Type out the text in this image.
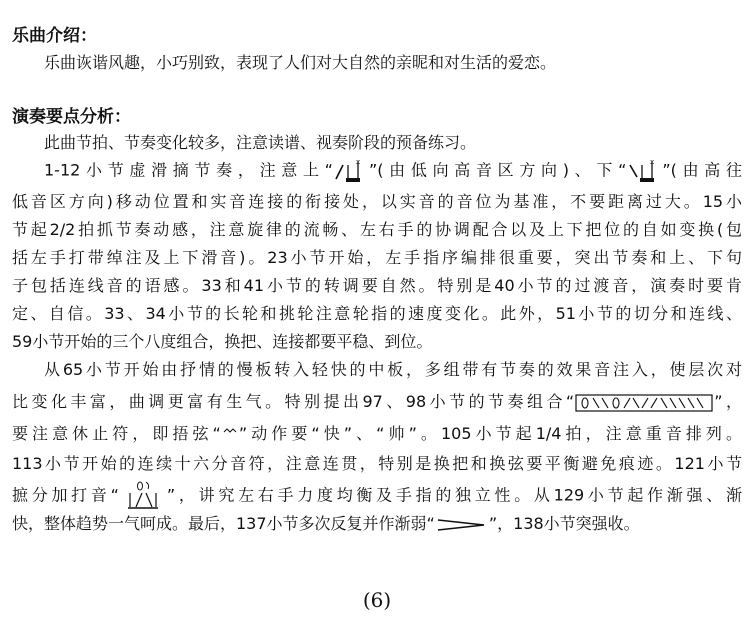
乐曲介绍：
乐曲诙谐风趣，小巧别致，表现了人们对大自然的亲昵和对生活的爱恋。
演奏要点分析：
此曲节拍、节奏变化较多，注意读谱、视奏阶段的预备练习。
1-12小节虚滑摘节奏，注意上“	x ”(由低向高音区方向)、下“	x ”(由高往
低音区方向)移动位置和实音连接的衔接处，以实音的音位为基准，不要距离过大。15小
节起2/2拍抓节奏动感，注意旋律的流畅、左右手的协调配合以及上下把位的自如变换(包
括左手打带绰注及上下滑音)。23小节开始，左手指序编排很重要，突出节奏和上、下句
子包括连线音的语感。33和41小节的转调要自然。特别是40小节的过渡音，演奏时要肯
定、自信。33、34小节的长轮和挑轮注意轮指的速度变化。此外，51小节的切分和连线、
59小节开始的三个八度组合，换把、连接都要平稳、到位。
从65小节开始由抒情的慢板转入轻快的中板，多组带有节奏的效果音注入，使层次对
比变化丰富，曲调更富有生气。特别提出97、98小节的节奏组合“	”，
要注意休止符，即捂弦“ ”动作要“快”、“帅”。105小节起1/4拍，注意重音排列。
113小节开始的连续十六分音符，注意连贯，特别是换把和换弦要平衡避免痕迹。121小节
摭分加打音“	”，讲究左右手力度均衡及手指的独立性。从129小节起作渐强、渐
快，整体趋势一气呵成。最后，137小节多次反复并作渐弱“	”，138小节突强收。
(6)
